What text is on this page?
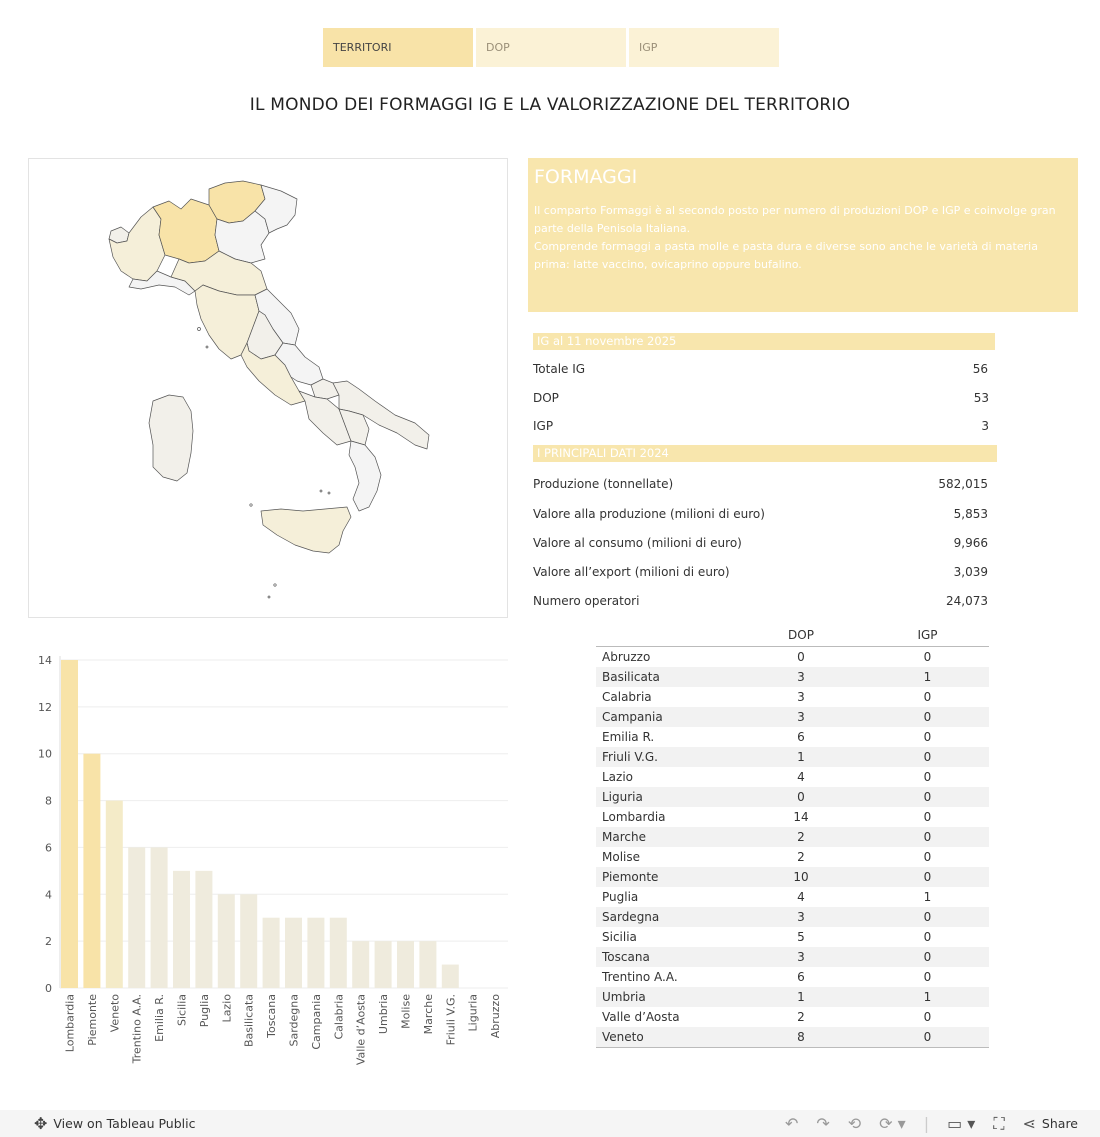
TERRITORI	DOP	IGP
IL MONDO DEI FORMAGGI IG E LA VALORIZZAZIONE DEL TERRITORIO
FORMAGGI

Il comparto Formaggi è al secondo posto per numero di produzioni DOP e IGP e coinvolge gran parte della Penisola Italiana.

Comprende formaggi a pasta molle e pasta dura e diverse sono anche le varietà di materia prima: latte vaccino, ovicaprino oppure bufalino.

IG al 11 novembre 2025
Totale IG	56
DOP	53
IGP	3
I PRINCIPALI DATI 2024
Produzione (tonnellate)	582,015
Valore alla produzione (milioni di euro)	5,853
Valore al consumo (milioni di euro)	9,966
Valore all’export (milioni di euro)	3,039
Numero operatori	24,073
0
2
4
6
8
10
12
14
Lombardia Piemonte Veneto Trentino A.A. Emilia R. Sicilia Puglia Lazio Basilicata Toscana Sardegna Campania Calabria Valle d’Aosta Umbria Molise Marche Friuli V.G. Liguria Abruzzo
DOP	IGP
Abruzzo	0	0
Basilicata	3	1
Calabria	3	0
Campania	3	0
Emilia R.	6	0
Friuli V.G.	1	0
Lazio	4	0
Liguria	0	0
Lombardia	14	0
Marche	2	0
Molise	2	0
Piemonte	10	0
Puglia	4	1
Sardegna	3	0
Sicilia	5	0
Toscana	3	0
Trentino A.A.	6	0
Umbria	1	1
Valle d’Aosta	2	0
Veneto	8	0
✥ View on Tableau Public	↶ ↷ ⟲ ⟳ ▾ | ▭ ▾ ⛶ ⋖ Share
